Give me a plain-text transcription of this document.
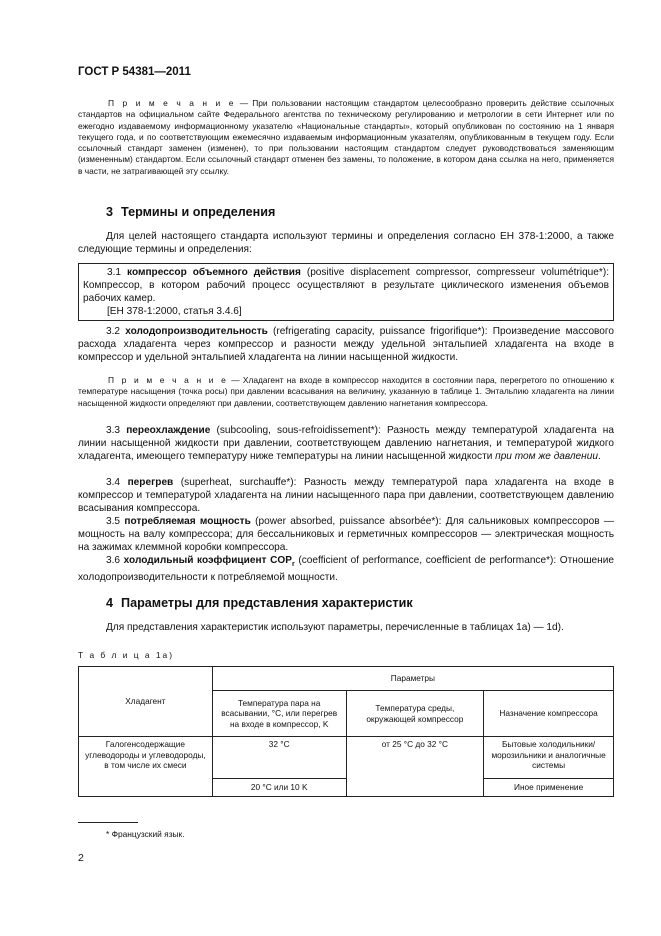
ГОСТ Р 54381—2011

П р и м е ч а н и е — При пользовании настоящим стандартом целесообразно проверить действие ссылочных стандартов на официальном сайте Федерального агентства по техническому регулированию и метрологии в сети Интернет или по ежегодно издаваемому информационному указателю «Национальные стандарты», который опубликован по состоянию на 1 января текущего года, и по соответствующим ежемесячно издаваемым информационным указателям, опубликованным в текущем году. Если ссылочный стандарт заменен (изменен), то при пользовании настоящим стандартом следует руководствоваться заменяющим (измененным) стандартом. Если ссылочный стандарт отменен без замены, то положение, в котором дана ссылка на него, применяется в части, не затрагивающей эту ссылку.

3 Термины и определения

Для целей настоящего стандарта используют термины и определения согласно ЕН 378-1:2000, а также следующие термины и определения:

3.1 компрессор объемного действия (positive displacement compressor, compresseur volumétrique*): Компрессор, в котором рабочий процесс осуществляют в результате циклического изменения объемов рабочих камер.

[ЕН 378-1:2000, статья 3.4.6]

3.2 холодопроизводительность (refrigerating capacity, puissance frigorifique*): Произведение массового расхода хладагента через компрессор и разности между удельной энтальпией хладагента на входе в компрессор и удельной энтальпией хладагента на линии насыщенной жидкости.

П р и м е ч а н и е — Хладагент на входе в компрессор находится в состоянии пара, перегретого по отношению к температуре насыщения (точка росы) при давлении всасывания на величину, указанную в таблице 1. Энтальпию хладагента на линии насыщенной жидкости определяют при давлении, соответствующем давлению нагнетания компрессора.

3.3 переохлаждение (subcooling, sous-refroidissement*): Разность между температурой хладагента на линии насыщенной жидкости при давлении, соответствующем давлению нагнетания, и температурой жидкого хладагента, имеющего температуру ниже температуры на линии насыщенной жидкости при том же давлении.

3.4 перегрев (superheat, surchauffe*): Разность между температурой пара хладагента на входе в компрессор и температурой хладагента на линии насыщенного пара при давлении, соответствующем давлению всасывания компрессора.

3.5 потребляемая мощность (power absorbed, puissance absorbée*): Для сальниковых компрессоров — мощность на валу компрессора; для бессальниковых и герметичных компрессоров — электрическая мощность на зажимах клеммной коробки компрессора.

3.6 холодильный коэффициент $COP_r$ (coefficient of performance, coefficient de performance*): Отношение холодопроизводительности к потребляемой мощности.

4 Параметры для представления характеристик

Для представления характеристик используют параметры, перечисленные в таблицах 1а) — 1d).

Т а б л и ц а 1а)
Хладагент	Параметры		
	Температура пара на всасывании, °С, или перегрев на входе в компрессор, K	Температура среды, окружающей компрессор	Назначение компрессора
Галогенсодержащие углеводороды и углеводороды, в том числе их смеси	32 °С	от 25 °С до 32 °С	Бытовые холодильники/морозильники и аналогичные системы
	20 °С или 10 K		Иное применение
* Французский язык.
2
